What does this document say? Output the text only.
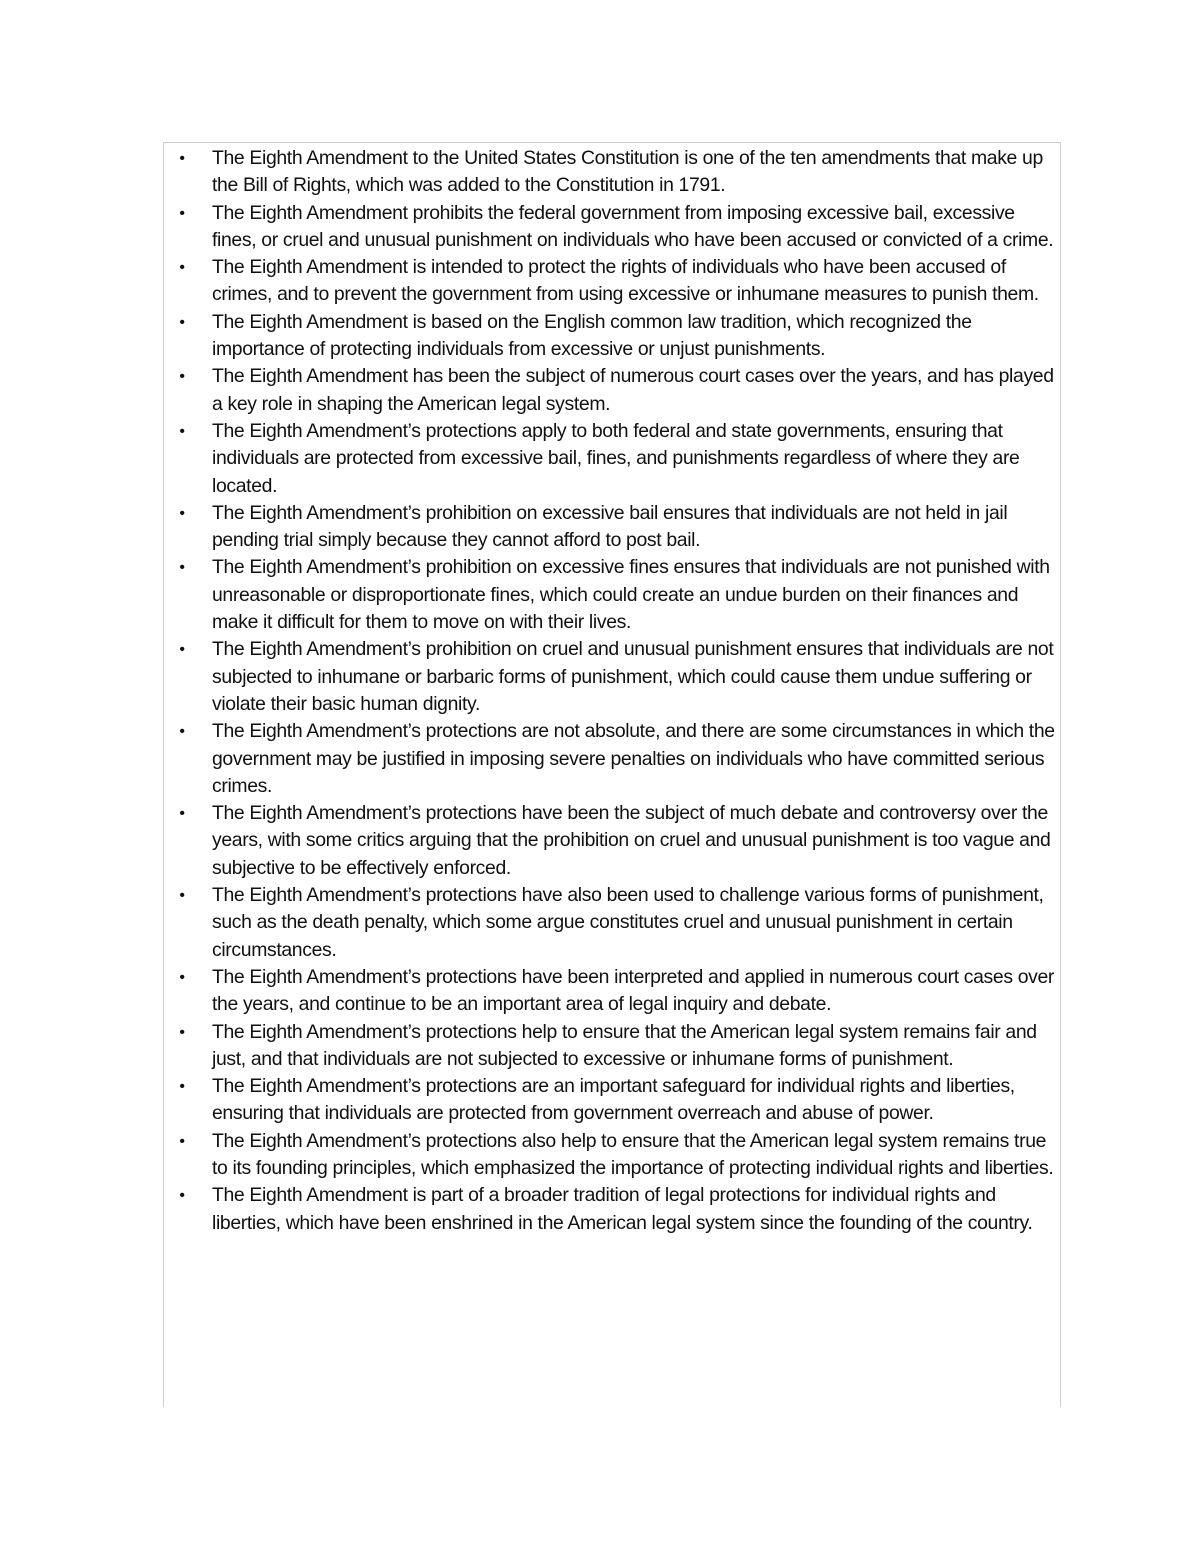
• The Eighth Amendment to the United States Constitution is one of the ten amendments that make up the Bill of Rights, which was added to the Constitution in 1791.
• The Eighth Amendment prohibits the federal government from imposing excessive bail, excessive fines, or cruel and unusual punishment on individuals who have been accused or convicted of a crime.
• The Eighth Amendment is intended to protect the rights of individuals who have been accused of crimes, and to prevent the government from using excessive or inhumane measures to punish them.
• The Eighth Amendment is based on the English common law tradition, which recognized the importance of protecting individuals from excessive or unjust punishments.
• The Eighth Amendment has been the subject of numerous court cases over the years, and has played a key role in shaping the American legal system.
• The Eighth Amendment’s protections apply to both federal and state governments, ensuring that individuals are protected from excessive bail, fines, and punishments regardless of where they are located.
• The Eighth Amendment’s prohibition on excessive bail ensures that individuals are not held in jail pending trial simply because they cannot afford to post bail.
• The Eighth Amendment’s prohibition on excessive fines ensures that individuals are not punished with unreasonable or disproportionate fines, which could create an undue burden on their finances and make it difficult for them to move on with their lives.
• The Eighth Amendment’s prohibition on cruel and unusual punishment ensures that individuals are not subjected to inhumane or barbaric forms of punishment, which could cause them undue suffering or violate their basic human dignity.
• The Eighth Amendment’s protections are not absolute, and there are some circumstances in which the government may be justified in imposing severe penalties on individuals who have committed serious crimes.
• The Eighth Amendment’s protections have been the subject of much debate and controversy over the years, with some critics arguing that the prohibition on cruel and unusual punishment is too vague and subjective to be effectively enforced.
• The Eighth Amendment’s protections have also been used to challenge various forms of punishment, such as the death penalty, which some argue constitutes cruel and unusual punishment in certain circumstances.
• The Eighth Amendment’s protections have been interpreted and applied in numerous court cases over the years, and continue to be an important area of legal inquiry and debate.
• The Eighth Amendment’s protections help to ensure that the American legal system remains fair and just, and that individuals are not subjected to excessive or inhumane forms of punishment.
• The Eighth Amendment’s protections are an important safeguard for individual rights and liberties, ensuring that individuals are protected from government overreach and abuse of power.
• The Eighth Amendment’s protections also help to ensure that the American legal system remains true to its founding principles, which emphasized the importance of protecting individual rights and liberties.
• The Eighth Amendment is part of a broader tradition of legal protections for individual rights and liberties, which have been enshrined in the American legal system since the founding of the country.
